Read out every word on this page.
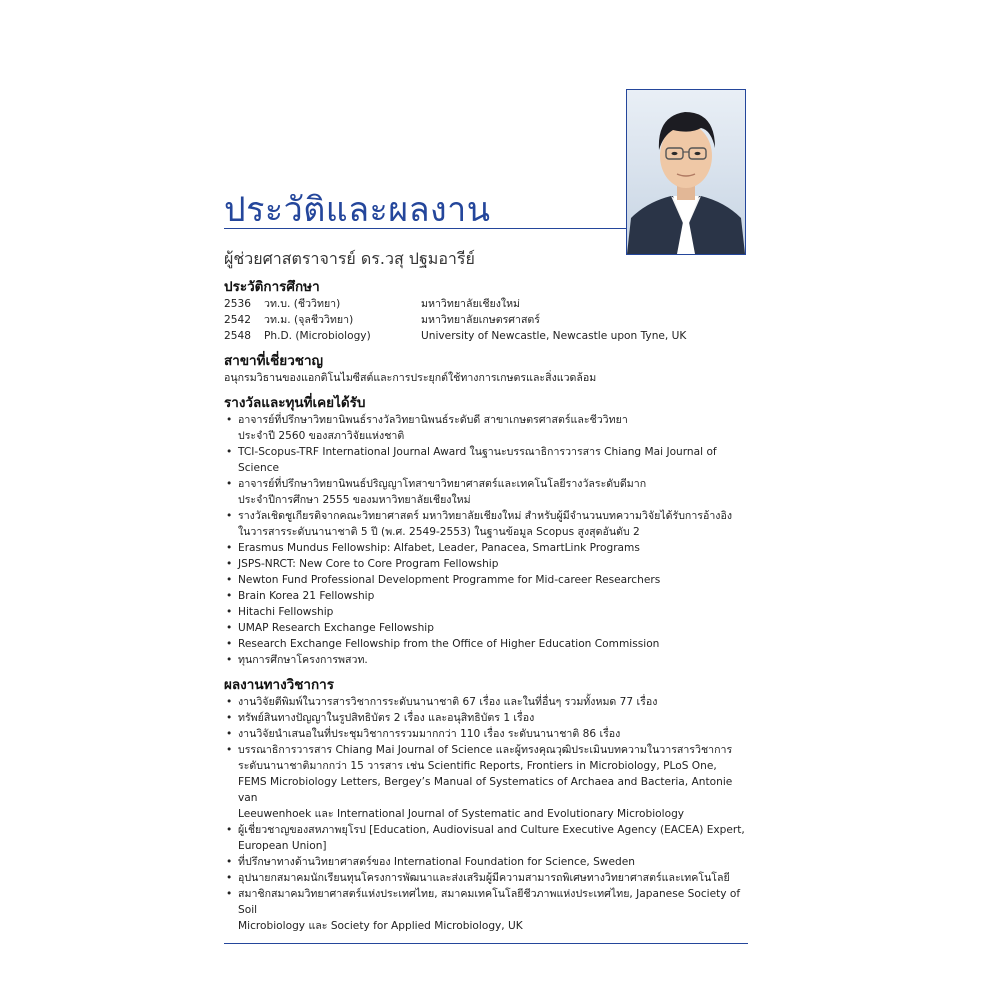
ประวัติและผลงาน
ผู้ช่วยศาสตราจารย์ ดร.วสุ ปฐมอารีย์
ประวัติการศึกษา
2536	วท.บ. (ชีววิทยา)	มหาวิทยาลัยเชียงใหม่
2542	วท.ม. (จุลชีววิทยา)	มหาวิทยาลัยเกษตรศาสตร์
2548	Ph.D. (Microbiology)	University of Newcastle, Newcastle upon Tyne, UK
สาขาที่เชี่ยวชาญ
อนุกรมวิธานของแอกติโนไมซีสต์และการประยุกต์ใช้ทางการเกษตรและสิ่งแวดล้อม
รางวัลและทุนที่เคยได้รับ
• อาจารย์ที่ปรึกษาวิทยานิพนธ์รางวัลวิทยานิพนธ์ระดับดี สาขาเกษตรศาสตร์และชีววิทยา
ประจำปี 2560 ของสภาวิจัยแห่งชาติ
• TCI-Scopus-TRF International Journal Award ในฐานะบรรณาธิการวารสาร Chiang Mai Journal of Science
• อาจารย์ที่ปรึกษาวิทยานิพนธ์ปริญญาโทสาขาวิทยาศาสตร์และเทคโนโลยีรางวัลระดับดีมาก
ประจำปีการศึกษา 2555 ของมหาวิทยาลัยเชียงใหม่
• รางวัลเชิดชูเกียรติจากคณะวิทยาศาสตร์ มหาวิทยาลัยเชียงใหม่ สำหรับผู้มีจำนวนบทความวิจัยได้รับการอ้างอิง
ในวารสารระดับนานาชาติ 5 ปี (พ.ศ. 2549-2553) ในฐานข้อมูล Scopus สูงสุดอันดับ 2
• Erasmus Mundus Fellowship: Alfabet, Leader, Panacea, SmartLink Programs
• JSPS-NRCT: New Core to Core Program Fellowship
• Newton Fund Professional Development Programme for Mid-career Researchers
• Brain Korea 21 Fellowship
• Hitachi Fellowship
• UMAP Research Exchange Fellowship
• Research Exchange Fellowship from the Office of Higher Education Commission
• ทุนการศึกษาโครงการพสวท.
ผลงานทางวิชาการ
• งานวิจัยตีพิมพ์ในวารสารวิชาการระดับนานาชาติ 67 เรื่อง และในที่อื่นๆ รวมทั้งหมด 77 เรื่อง
• ทรัพย์สินทางปัญญาในรูปสิทธิบัตร 2 เรื่อง และอนุสิทธิบัตร 1 เรื่อง
• งานวิจัยนำเสนอในที่ประชุมวิชาการรวมมากกว่า 110 เรื่อง ระดับนานาชาติ 86 เรื่อง
• บรรณาธิการวารสาร Chiang Mai Journal of Science และผู้ทรงคุณวุฒิประเมินบทความในวารสารวิชาการ
ระดับนานาชาติมากกว่า 15 วารสาร เช่น Scientific Reports, Frontiers in Microbiology, PLoS One,
FEMS Microbiology Letters, Bergey’s Manual of Systematics of Archaea and Bacteria, Antonie van
Leeuwenhoek และ International Journal of Systematic and Evolutionary Microbiology
• ผู้เชี่ยวชาญของสหภาพยุโรป [Education, Audiovisual and Culture Executive Agency (EACEA) Expert,
European Union]
• ที่ปรึกษาทางด้านวิทยาศาสตร์ของ International Foundation for Science, Sweden
• อุปนายกสมาคมนักเรียนทุนโครงการพัฒนาและส่งเสริมผู้มีความสามารถพิเศษทางวิทยาศาสตร์และเทคโนโลยี
• สมาชิกสมาคมวิทยาศาสตร์แห่งประเทศไทย, สมาคมเทคโนโลยีชีวภาพแห่งประเทศไทย, Japanese Society of Soil
Microbiology และ Society for Applied Microbiology, UK
